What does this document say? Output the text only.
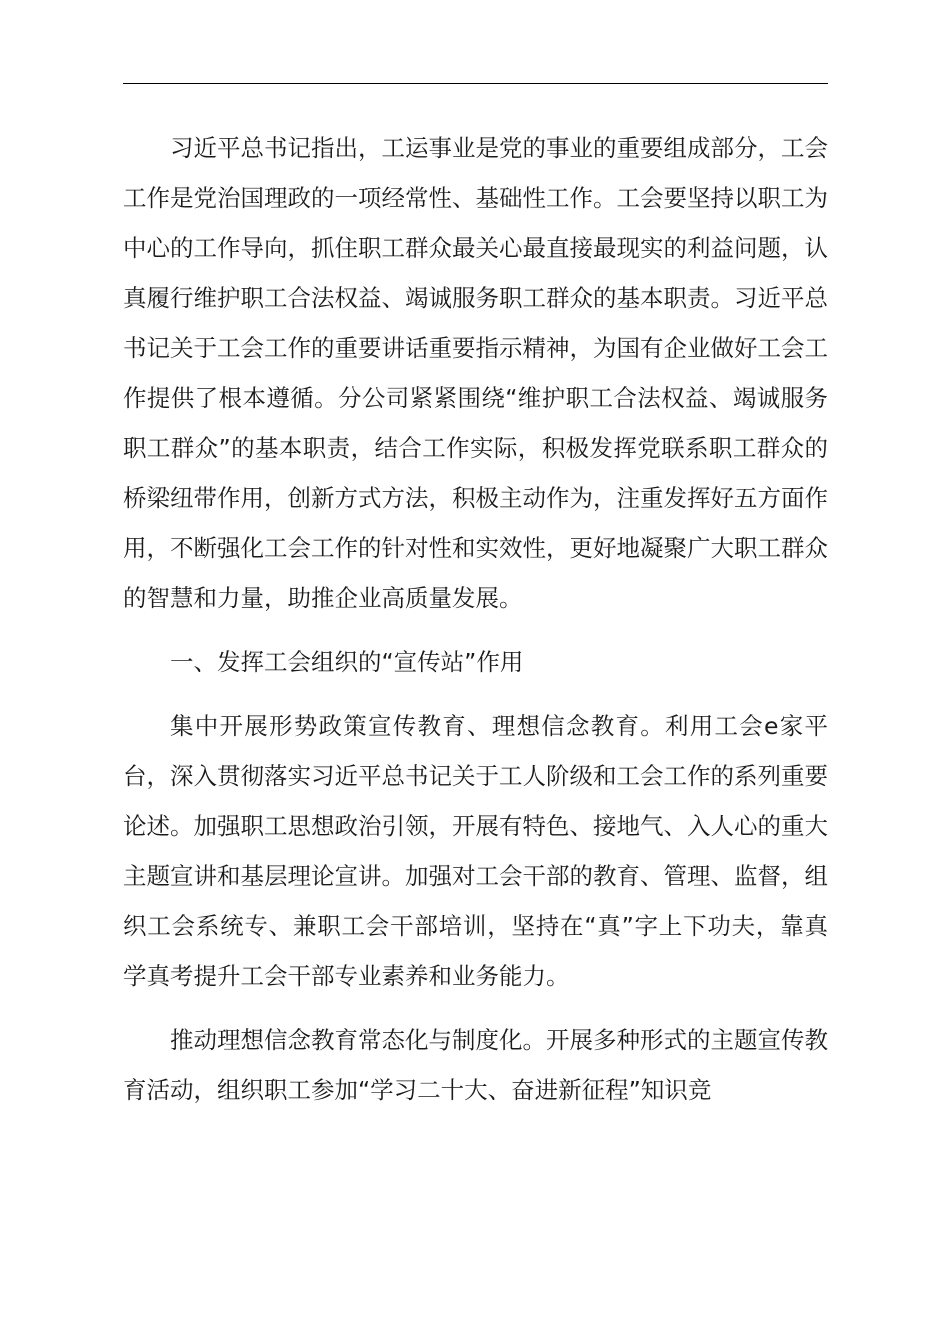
习近平总书记指出，工运事业是党的事业的重要组成部分，工会工作是党治国理政的一项经常性、基础性工作。工会要坚持以职工为中心的工作导向，抓住职工群众最关心最直接最现实的利益问题，认真履行维护职工合法权益、竭诚服务职工群众的基本职责。习近平总书记关于工会工作的重要讲话重要指示精神，为国有企业做好工会工作提供了根本遵循。分公司紧紧围绕“维护职工合法权益、竭诚服务职工群众”的基本职责，结合工作实际，积极发挥党联系职工群众的桥梁纽带作用，创新方式方法，积极主动作为，注重发挥好五方面作用，不断强化工会工作的针对性和实效性，更好地凝聚广大职工群众的智慧和力量，助推企业高质量发展。

一、发挥工会组织的“宣传站”作用

集中开展形势政策宣传教育、理想信念教育。利用工会e家平台，深入贯彻落实习近平总书记关于工人阶级和工会工作的系列重要论述。加强职工思想政治引领，开展有特色、接地气、入人心的重大主题宣讲和基层理论宣讲。加强对工会干部的教育、管理、监督，组织工会系统专、兼职工会干部培训，坚持在“真”字上下功夫，靠真学真考提升工会干部专业素养和业务能力。

推动理想信念教育常态化与制度化。开展多种形式的主题宣传教育活动，组织职工参加“学习二十大、奋进新征程”知识竞
